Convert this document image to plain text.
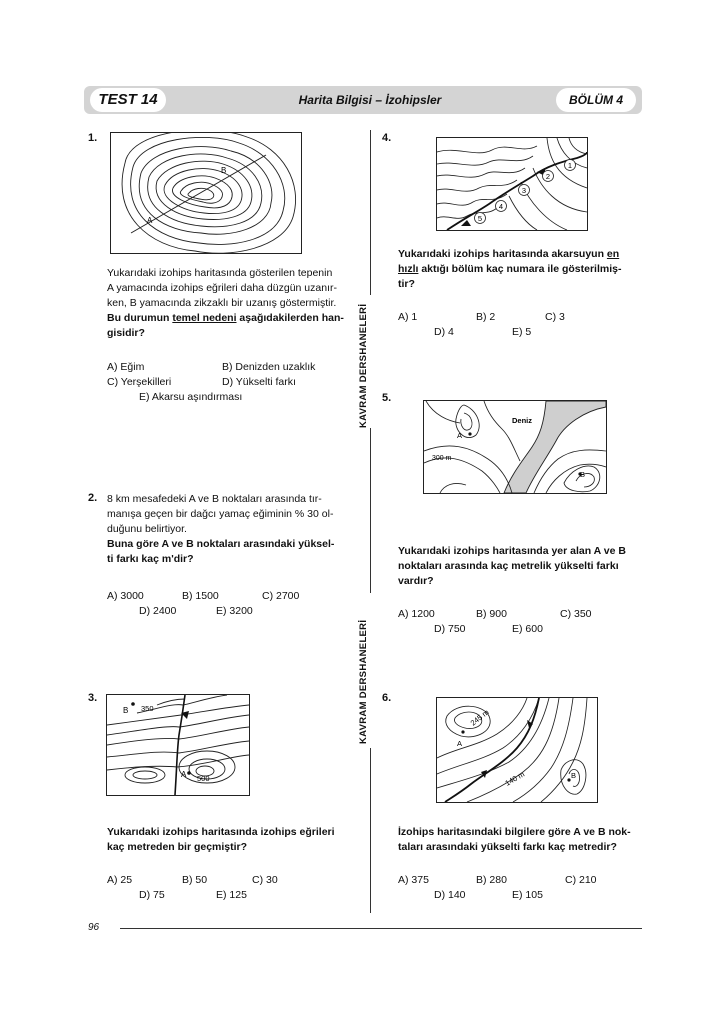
TEST 14	Harita Bilgisi – İzohipsler	BÖLÜM 4
KAVRAM DERSHANELERİ
KAVRAM DERSHANELERİ
1.
B
A
Yukarıdaki izohips haritasında gösterilen tepenin
A yamacında izohips eğrileri daha düzgün uzanır-
ken, B yamacında zikzaklı bir uzanış göstermiştir.
Bu durumun temel nedeni aşağıdakilerden han-
gisidir?
A) Eğim	B) Denizden uzaklık
C) Yerşekilleri	D) Yükselti farkı
E) Akarsu aşındırması
2. 8 km mesafedeki A ve B noktaları arasında tır-
manışa geçen bir dağcı yamaç eğiminin % 30 ol-
duğunu belirtiyor.
Buna göre A ve B noktaları arasındaki yüksel-
ti farkı kaç m'dir?
A) 3000	B) 1500	C) 2700
D) 2400	E) 3200
3.
B 350
A 500
Yukarıdaki izohips haritasında izohips eğrileri
kaç metreden bir geçmiştir?
A) 25	B) 50	C) 30
D) 75	E) 125
4.
1
2
3
4
5
Yukarıdaki izohips haritasında akarsuyun en
hızlı aktığı bölüm kaç numara ile gösterilmiş-
tir?
A) 1	B) 2	C) 3
D) 4	E) 5
5.
Deniz
A
300 m
B
Yukarıdaki izohips haritasında yer alan A ve B
noktaları arasında kaç metrelik yükselti farkı
vardır?
A) 1200	B) 900	C) 350
D) 750	E) 600
6.
245 m
A
140 m	B
İzohips haritasındaki bilgilere göre A ve B nok-
taları arasındaki yükselti farkı kaç metredir?
A) 375	B) 280	C) 210
D) 140	E) 105
96
